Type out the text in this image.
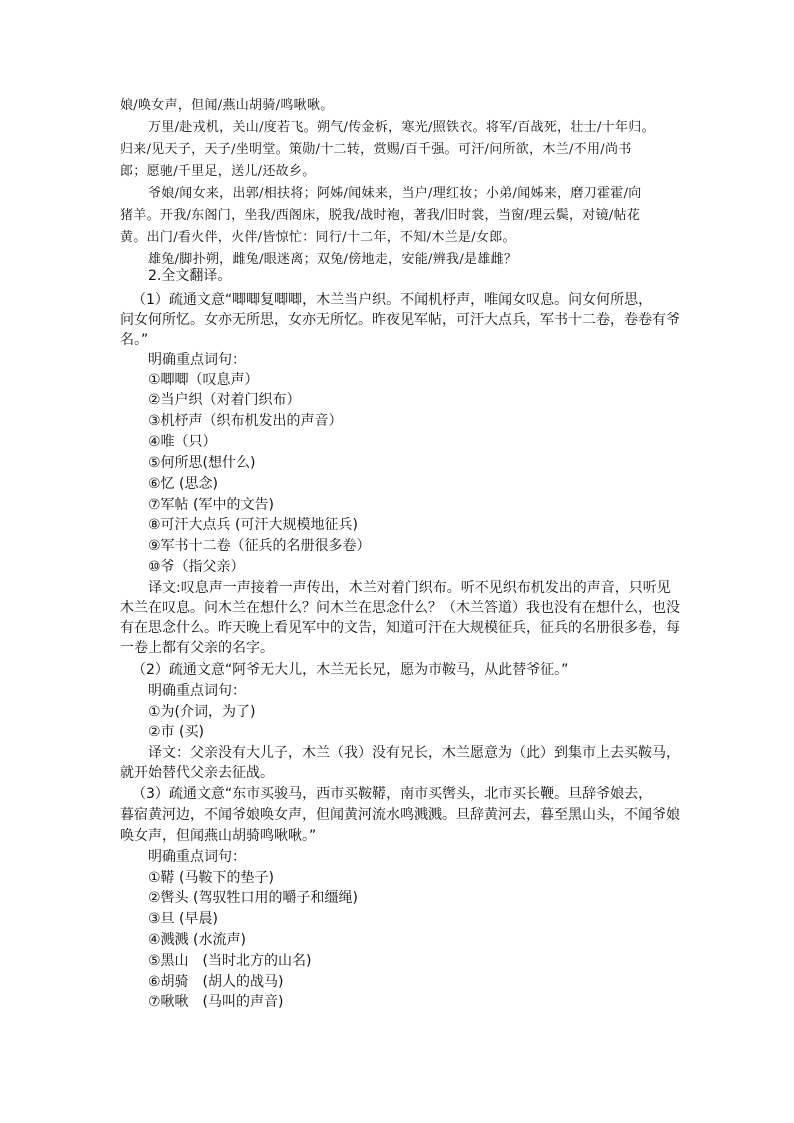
娘/唤女声，但闻/燕山胡骑/鸣啾啾。
万里/赴戎机，关山/度若飞。朔气/传金柝，寒光/照铁衣。将军/百战死，壮士/十年归。
归来/见天子，天子/坐明堂。策勋/十二转，赏赐/百千强。可汗/问所欲，木兰/不用/尚书
郎；愿驰/千里足，送儿/还故乡。
爷娘/闻女来，出郭/相扶将；阿姊/闻妹来，当户/理红妆；小弟/闻姊来，磨刀霍霍/向
猪羊。开我/东阁门，坐我/西阁床，脱我/战时袍，著我/旧时裳，当窗/理云鬓，对镜/帖花
黄。出门/看火伴，火伴/皆惊忙：同行/十二年，不知/木兰是/女郎。
雄兔/脚扑朔，雌兔/眼迷离；双兔/傍地走，安能/辨我/是雄雌？
2.全文翻译。
（1）疏通文意“唧唧复唧唧，木兰当户织。不闻机杼声，唯闻女叹息。问女何所思，
问女何所忆。女亦无所思，女亦无所忆。昨夜见军帖，可汗大点兵，军书十二卷，卷卷有爷
名。”
明确重点词句：
①唧唧（叹息声）
②当户织（对着门织布）
③机杼声（织布机发出的声音）
④唯（只）
⑤何所思(想什么)
⑥忆 (思念)
⑦军帖 (军中的文告)
⑧可汗大点兵 (可汗大规模地征兵)
⑨军书十二卷（征兵的名册很多卷）
⑩爷（指父亲）
译文:叹息声一声接着一声传出，木兰对着门织布。听不见织布机发出的声音，只听见
木兰在叹息。问木兰在想什么？问木兰在思念什么？（木兰答道）我也没有在想什么，也没
有在思念什么。昨天晚上看见军中的文告，知道可汗在大规模征兵，征兵的名册很多卷，每
一卷上都有父亲的名字。
（2）疏通文意“阿爷无大儿，木兰无长兄，愿为市鞍马，从此替爷征。”
明确重点词句：
①为(介词，为了)
②市 (买)
译文：父亲没有大儿子，木兰（我）没有兄长，木兰愿意为（此）到集市上去买鞍马，
就开始替代父亲去征战。
（3）疏通文意“东市买骏马，西市买鞍鞯，南市买辔头，北市买长鞭。旦辞爷娘去，
暮宿黄河边，不闻爷娘唤女声，但闻黄河流水鸣溅溅。旦辞黄河去，暮至黑山头，不闻爷娘
唤女声，但闻燕山胡骑鸣啾啾。”
明确重点词句：
①鞯 (马鞍下的垫子)
②辔头 (驾驭牲口用的嚼子和缰绳)
③旦 (早晨)
④溅溅 (水流声)
⑤黑山　(当时北方的山名)
⑥胡骑　(胡人的战马)
⑦啾啾　(马叫的声音)
